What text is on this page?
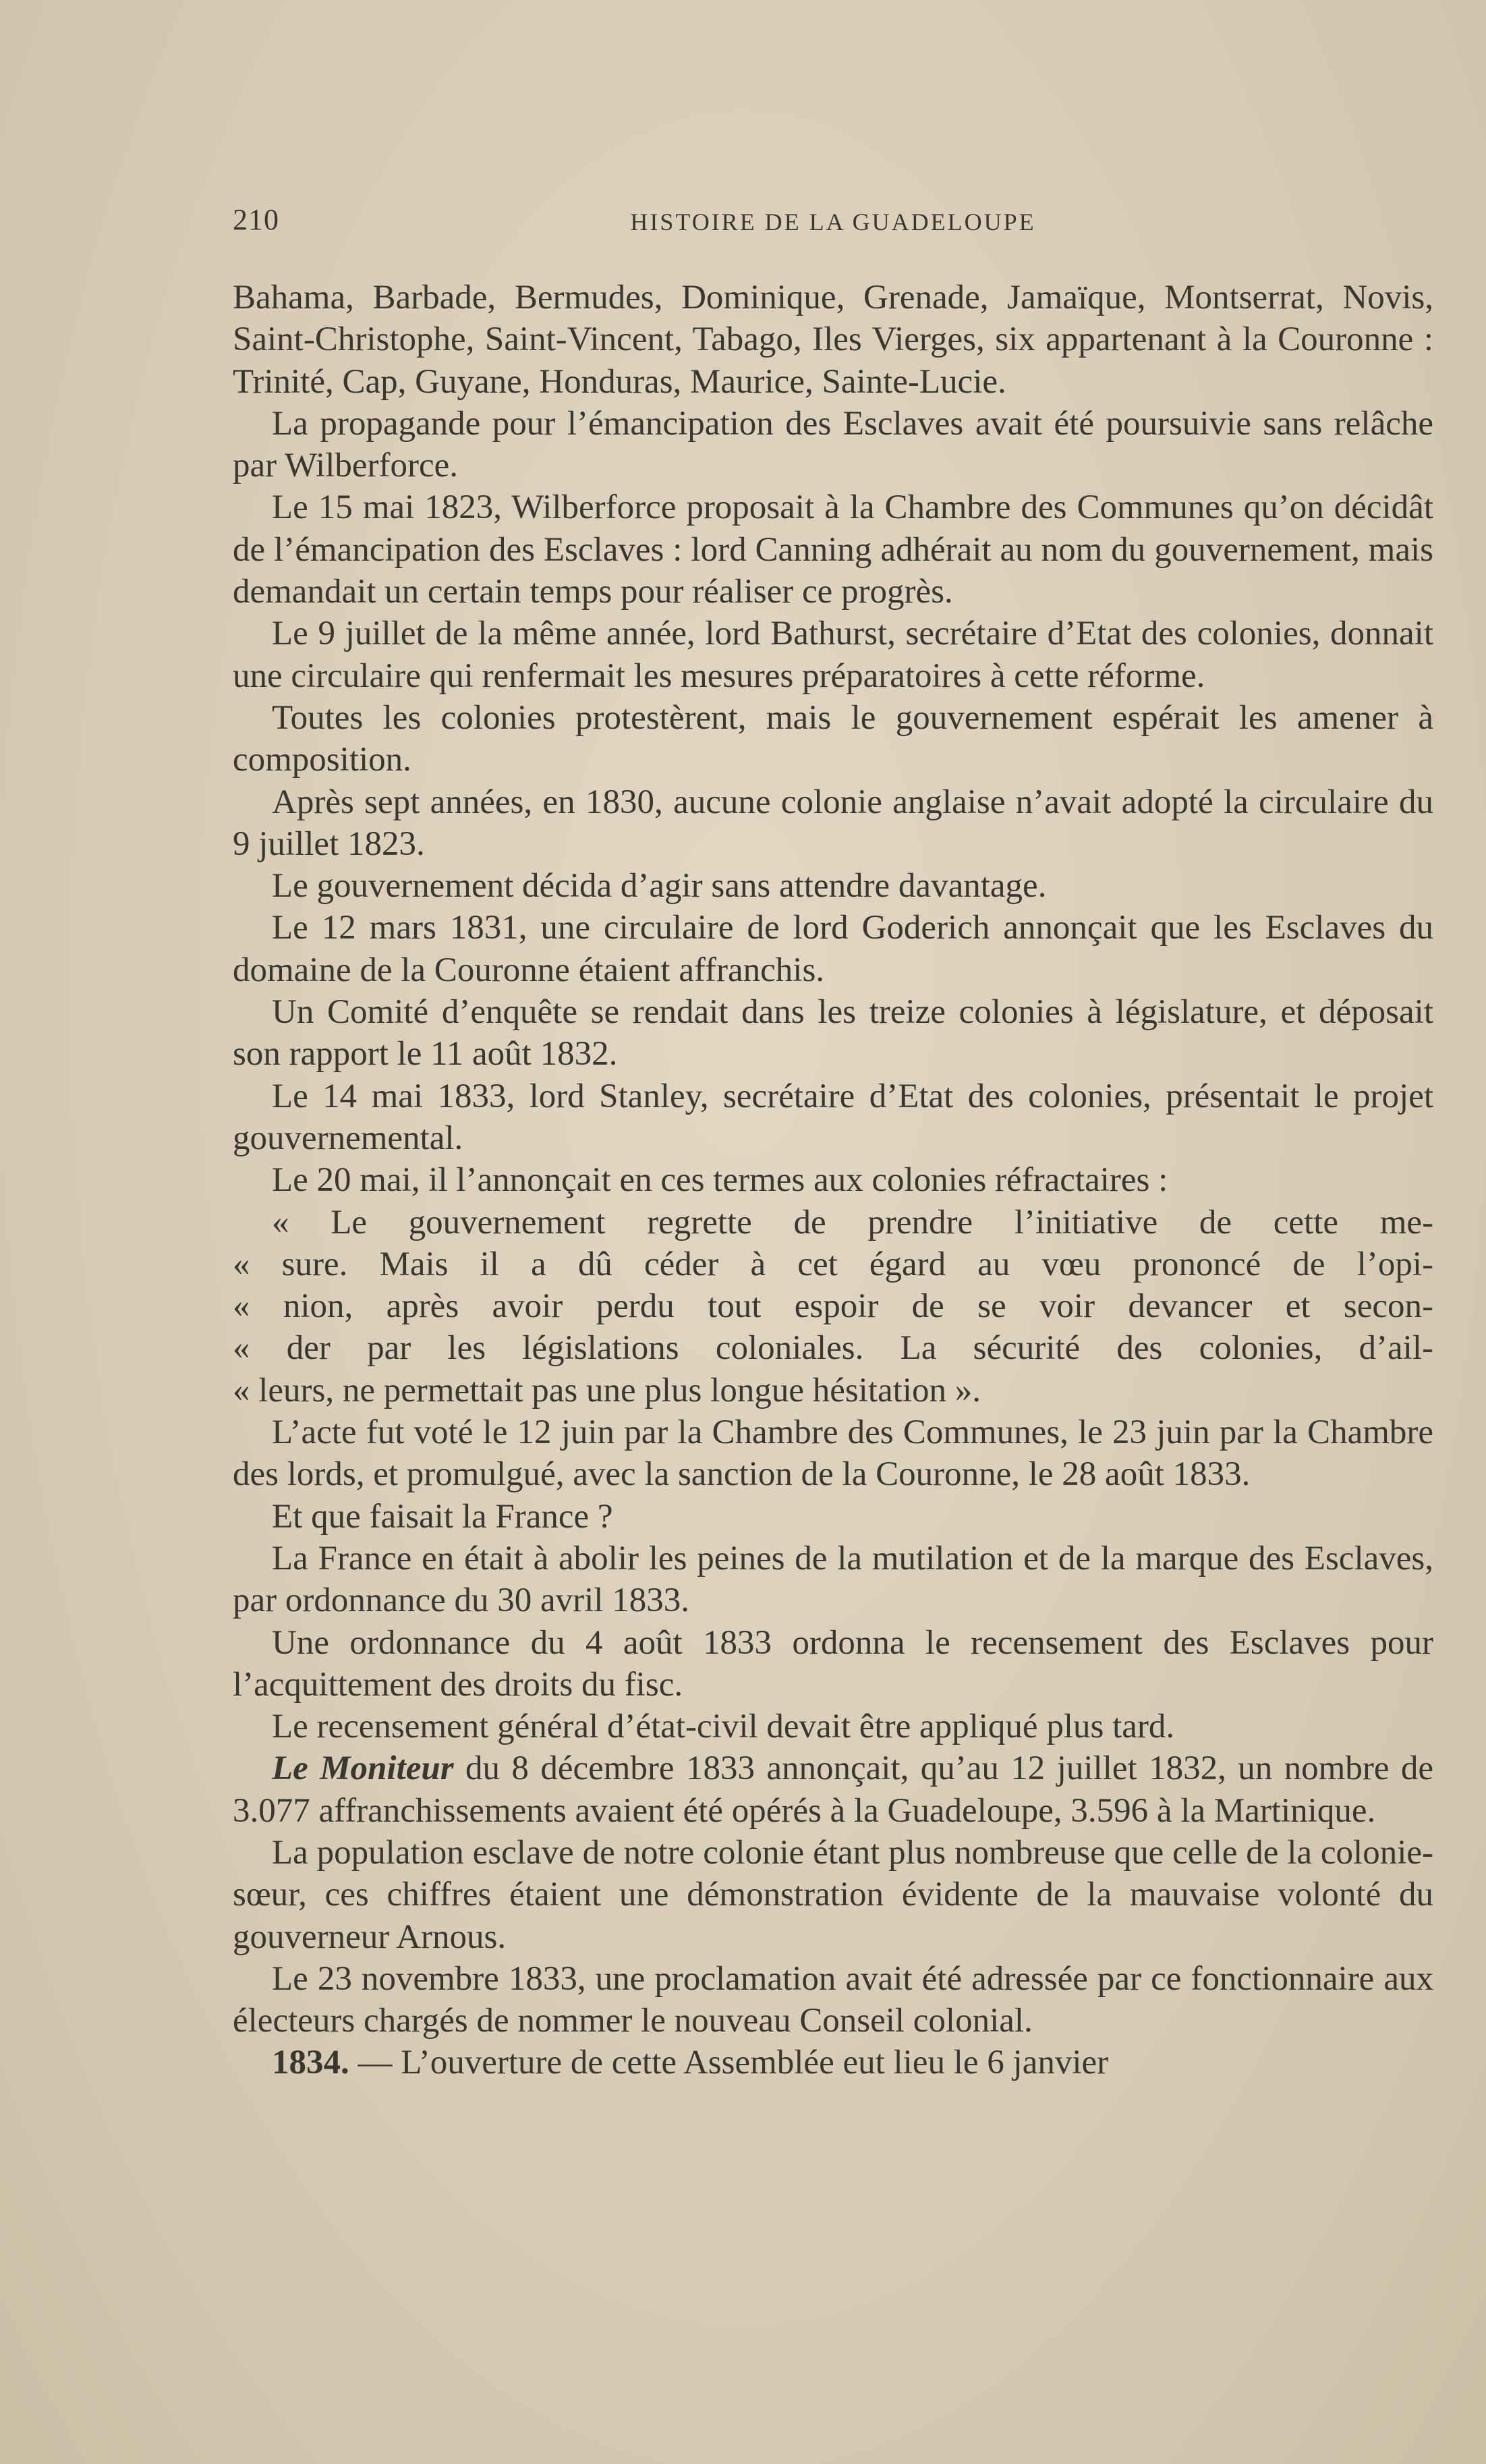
210	HISTOIRE DE LA GUADELOUPE

Bahama, Barbade, Bermudes, Dominique, Grenade, Jamaïque, Montserrat, Novis, Saint-Christophe, Saint-Vincent, Tabago, Iles Vierges, six appartenant à la Couronne : Trinité, Cap, Guyane, Honduras, Maurice, Sainte-Lucie.

La propagande pour l’émancipation des Esclaves avait été poursuivie sans relâche par Wilberforce.

Le 15 mai 1823, Wilberforce proposait à la Chambre des Communes qu’on décidât de l’émancipation des Esclaves : lord Canning adhérait au nom du gouvernement, mais demandait un certain temps pour réaliser ce progrès.

Le 9 juillet de la même année, lord Bathurst, secrétaire d’Etat des colonies, donnait une circulaire qui renfermait les mesures préparatoires à cette réforme.

Toutes les colonies protestèrent, mais le gouvernement espérait les amener à composition.

Après sept années, en 1830, aucune colonie anglaise n’avait adopté la circulaire du 9 juillet 1823.

Le gouvernement décida d’agir sans attendre davantage.

Le 12 mars 1831, une circulaire de lord Goderich annonçait que les Esclaves du domaine de la Couronne étaient affranchis.

Un Comité d’enquête se rendait dans les treize colonies à législature, et déposait son rapport le 11 août 1832.

Le 14 mai 1833, lord Stanley, secrétaire d’Etat des colonies, présentait le projet gouvernemental.

Le 20 mai, il l’annonçait en ces termes aux colonies réfractaires :

« Le gouvernement regrette de prendre l’initiative de cette me-

« sure. Mais il a dû céder à cet égard au vœu prononcé de l’opi-

« nion, après avoir perdu tout espoir de se voir devancer et secon-

« der par les législations coloniales. La sécurité des colonies, d’ail-

« leurs, ne permettait pas une plus longue hésitation ».

L’acte fut voté le 12 juin par la Chambre des Communes, le 23 juin par la Chambre des lords, et promulgué, avec la sanction de la Couronne, le 28 août 1833.

Et que faisait la France ?

La France en était à abolir les peines de la mutilation et de la marque des Esclaves, par ordonnance du 30 avril 1833.

Une ordonnance du 4 août 1833 ordonna le recensement des Esclaves pour l’acquittement des droits du fisc.

Le recensement général d’état-civil devait être appliqué plus tard.

Le Moniteur du 8 décembre 1833 annonçait, qu’au 12 juillet 1832, un nombre de 3.077 affranchissements avaient été opérés à la Guadeloupe, 3.596 à la Martinique.

La population esclave de notre colonie étant plus nombreuse que celle de la colonie-sœur, ces chiffres étaient une démonstration évidente de la mauvaise volonté du gouverneur Arnous.

Le 23 novembre 1833, une proclamation avait été adressée par ce fonctionnaire aux électeurs chargés de nommer le nouveau Conseil colonial.

1834. — L’ouverture de cette Assemblée eut lieu le 6 janvier
